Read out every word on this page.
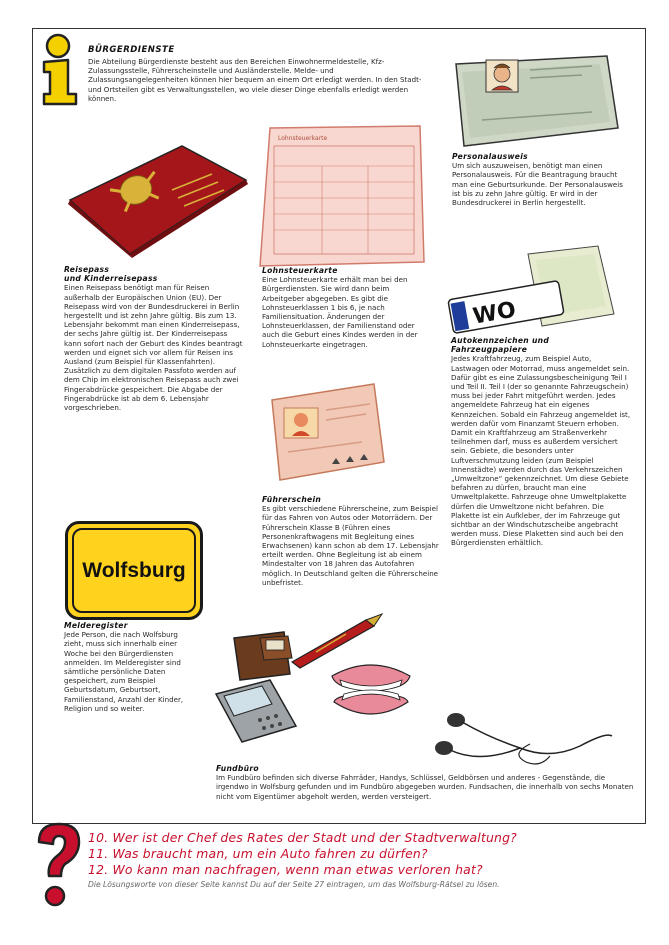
BÜRGERDIENSTE
Die Abteilung Bürgerdienste besteht aus den Bereichen Einwohnermeldestelle, Kfz-Zulassungsstelle, Führerscheinstelle und Ausländerstelle. Melde- und Zulassungsangelegenheiten können hier bequem an einem Ort erledigt werden. In den Stadt- und Ortsteilen gibt es Verwaltungsstellen, wo viele dieser Dinge ebenfalls erledigt werden können.
Personalausweis
Um sich auszuweisen, benötigt man einen Personalausweis. Für die Beantragung braucht man eine Geburtsurkunde. Der Personalausweis ist bis zu zehn Jahre gültig. Er wird in der Bundesdruckerei in Berlin hergestellt.
Reisepass
und Kinderreisepass
Einen Reisepass benötigt man für Reisen außerhalb der Europäischen Union (EU). Der Reisepass wird von der Bundesdruckerei in Berlin hergestellt und ist zehn Jahre gültig. Bis zum 13. Lebensjahr bekommt man einen Kinderreisepass, der sechs Jahre gültig ist. Der Kinderreisepass kann sofort nach der Geburt des Kindes beantragt werden und eignet sich vor allem für Reisen ins Ausland (zum Beispiel für Klassenfahrten). Zusätzlich zu dem digitalen Passfoto werden auf dem Chip im elektronischen Reisepass auch zwei Fingerabdrücke gespeichert. Die Abgabe der Fingerabdrücke ist ab dem 6. Lebensjahr vorgeschrieben.
Lohnsteuerkarte
Lohnsteuerkarte
Eine Lohnsteuerkarte erhält man bei den Bürgerdiensten. Sie wird dann beim Arbeitgeber abgegeben. Es gibt die Lohnsteuerklassen 1 bis 6, je nach Familiensituation. Änderungen der Lohnsteuerklassen, der Familienstand oder auch die Geburt eines Kindes werden in der Lohnsteuerkarte eingetragen.
WO
Autokennzeichen und
Fahrzeugpapiere
Jedes Kraftfahrzeug, zum Beispiel Auto, Lastwagen oder Motorrad, muss angemeldet sein. Dafür gibt es eine Zulassungsbescheinigung Teil I und Teil II. Teil I (der so genannte Fahrzeugschein) muss bei jeder Fahrt mitgeführt werden. Jedes angemeldete Fahrzeug hat ein eigenes Kennzeichen. Sobald ein Fahrzeug angemeldet ist, werden dafür vom Finanzamt Steuern erhoben. Damit ein Kraftfahrzeug am Straßenverkehr teilnehmen darf, muss es außerdem versichert sein. Gebiete, die besonders unter Luftverschmutzung leiden (zum Beispiel Innenstädte) werden durch das Verkehrszeichen „Umweltzone“ gekennzeichnet. Um diese Gebiete befahren zu dürfen, braucht man eine Umweltplakette. Fahrzeuge ohne Umweltplakette dürfen die Umweltzone nicht befahren. Die Plakette ist ein Aufkleber, der im Fahrzeuge gut sichtbar an der Windschutzscheibe angebracht werden muss. Diese Plaketten sind auch bei den Bürgerdiensten erhältlich.
Führerschein
Es gibt verschiedene Führerscheine, zum Beispiel für das Fahren von Autos oder Motorrädern. Der Führerschein Klasse B (Führen eines Personenkraftwagens mit Begleitung eines Erwachsenen) kann schon ab dem 17. Lebensjahr erteilt werden. Ohne Begleitung ist ab einem Mindestalter von 18 Jahren das Autofahren möglich. In Deutschland gelten die Führerscheine unbefristet.
Wolfsburg
Melderegister
Jede Person, die nach Wolfsburg zieht, muss sich innerhalb einer Woche bei den Bürgerdiensten anmelden. Im Melderegister sind sämtliche persönliche Daten gespeichert, zum Beispiel Geburtsdatum, Geburtsort, Familienstand, Anzahl der Kinder, Religion und so weiter.
Fundbüro
Im Fundbüro befinden sich diverse Fahrräder, Handys, Schlüssel, Geldbörsen und anderes - Gegenstände, die irgendwo in Wolfsburg gefunden und im Fundbüro abgegeben wurden. Fundsachen, die innerhalb von sechs Monaten nicht vom Eigentümer abgeholt werden, werden versteigert.
10. Wer ist der Chef des Rates der Stadt und der Stadtverwaltung?
11. Was braucht man, um ein Auto fahren zu dürfen?
12. Wo kann man nachfragen, wenn man etwas verloren hat?
Die Lösungsworte von dieser Seite kannst Du auf der Seite 27 eintragen, um das Wolfsburg-Rätsel zu lösen.
